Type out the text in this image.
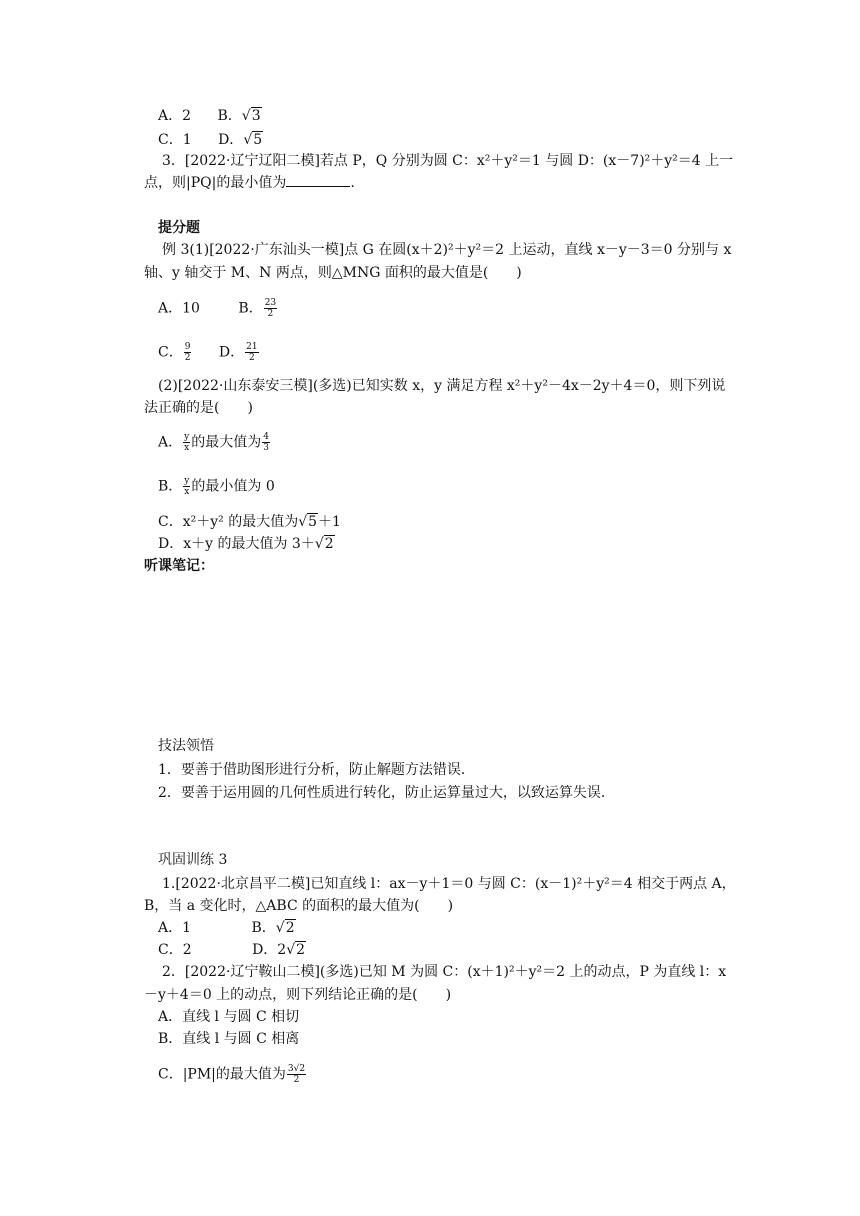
A．2 B．√3
C．1 D．√5
3．[2022·辽宁辽阳二模]若点 P，Q 分别为圆 C：x²＋y²＝1 与圆 D：(x－7)²＋y²＝4 上一
点，则|PQ|的最小值为	.
提分题
例 3(1)[2022·广东汕头一模]点 G 在圆(x＋2)²＋y²＝2 上运动，直线 x－y－3＝0 分别与 x
轴、y 轴交于 M、N 两点，则△MNG 面积的最大值是(　　)
A．10	B． $\frac{23}{2}$
C． $\frac{9}{2}$ D． $\frac{21}{2}$
(2)[2022·山东泰安三模](多选)已知实数 x，y 满足方程 x²＋y²－4x－2y＋4＝0，则下列说
法正确的是(　　)
A． $\frac{y}{x}$ 的最大值为 $\frac{4}{3}$
B． $\frac{y}{x}$ 的最小值为 0
C．x²＋y² 的最大值为√5＋1
D．x＋y 的最大值为 3＋√2
听课笔记：
技法领悟
1．要善于借助图形进行分析，防止解题方法错误．
2．要善于运用圆的几何性质进行转化，防止运算量过大，以致运算失误．
巩固训练 3
1.[2022·北京昌平二模]已知直线 l：ax－y＋1＝0 与圆 C：(x－1)²＋y²＝4 相交于两点 A，
B，当 a 变化时，△ABC 的面积的最大值为(　　)
A．1	B．√2
C．2	D．2√2
2．[2022·辽宁鞍山二模](多选)已知 M 为圆 C：(x＋1)²＋y²＝2 上的动点，P 为直线 l：x
－y＋4＝0 上的动点，则下列结论正确的是(　　)
A．直线 l 与圆 C 相切
B．直线 l 与圆 C 相离
C．|PM|的最大值为 $\frac{3√2}{2}$
